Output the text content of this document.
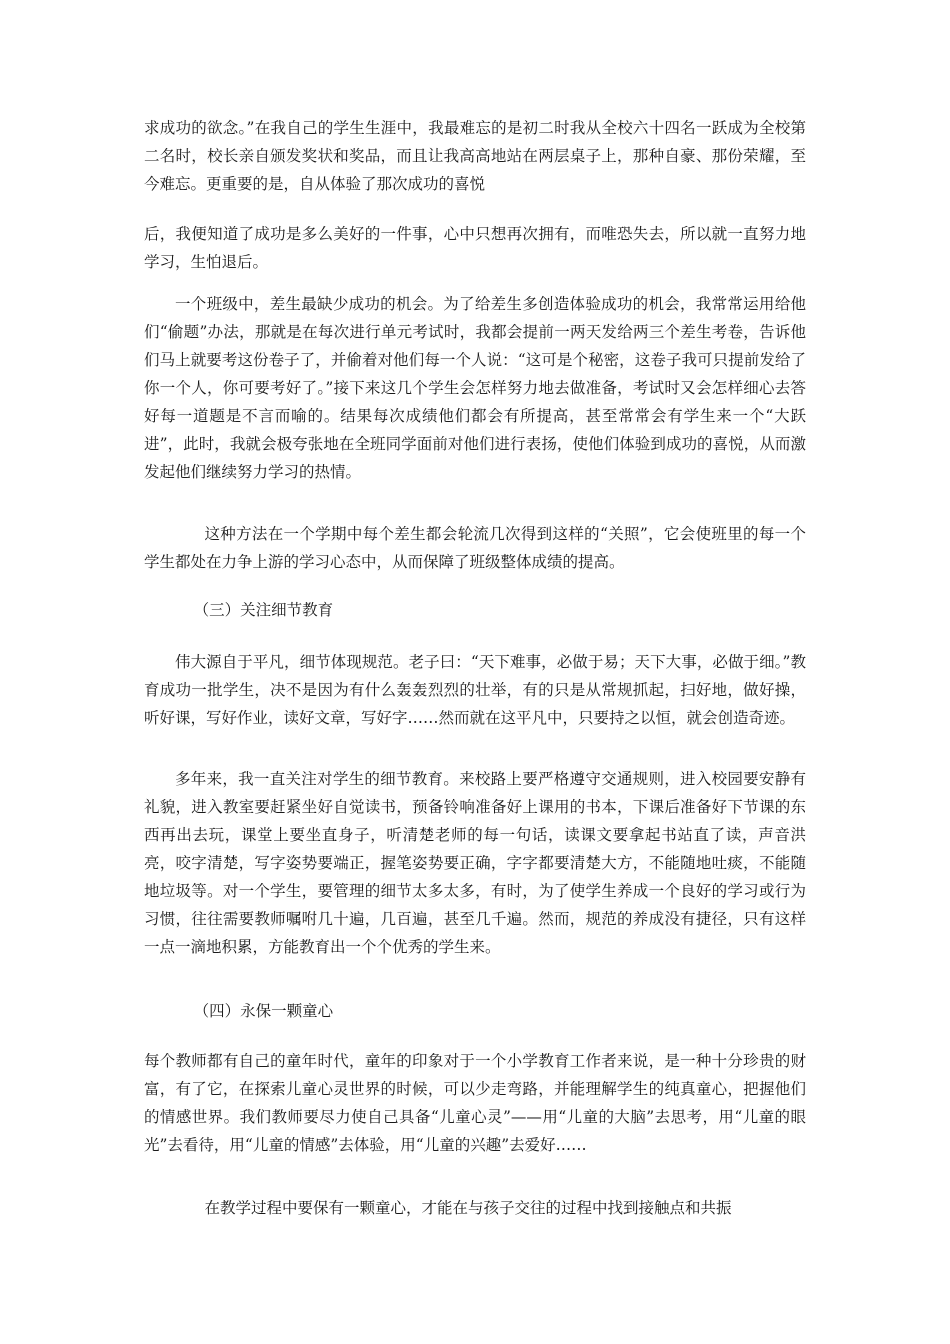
求成功的欲念。”在我自己的学生生涯中，我最难忘的是初二时我从全校六十四名一跃成为全校第二名时，校长亲自颁发奖状和奖品，而且让我高高地站在两层桌子上，那种自豪、那份荣耀，至今难忘。更重要的是，自从体验了那次成功的喜悦

后，我便知道了成功是多么美好的一件事，心中只想再次拥有，而唯恐失去，所以就一直努力地学习，生怕退后。

一个班级中，差生最缺少成功的机会。为了给差生多创造体验成功的机会，我常常运用给他们“偷题”办法，那就是在每次进行单元考试时，我都会提前一两天发给两三个差生考卷，告诉他们马上就要考这份卷子了，并偷着对他们每一个人说：“这可是个秘密，这卷子我可只提前发给了你一个人，你可要考好了。”接下来这几个学生会怎样努力地去做准备，考试时又会怎样细心去答好每一道题是不言而喻的。结果每次成绩他们都会有所提高，甚至常常会有学生来一个“大跃进”，此时，我就会极夸张地在全班同学面前对他们进行表扬，使他们体验到成功的喜悦，从而激发起他们继续努力学习的热情。

这种方法在一个学期中每个差生都会轮流几次得到这样的“关照”，它会使班里的每一个学生都处在力争上游的学习心态中，从而保障了班级整体成绩的提高。

（三）关注细节教育

伟大源自于平凡，细节体现规范。老子曰：“天下难事，必做于易；天下大事，必做于细。”教育成功一批学生，决不是因为有什么轰轰烈烈的壮举，有的只是从常规抓起，扫好地，做好操，听好课，写好作业，读好文章，写好字……然而就在这平凡中，只要持之以恒，就会创造奇迹。

多年来，我一直关注对学生的细节教育。来校路上要严格遵守交通规则，进入校园要安静有礼貌，进入教室要赶紧坐好自觉读书，预备铃响准备好上课用的书本，下课后准备好下节课的东西再出去玩，课堂上要坐直身子，听清楚老师的每一句话，读课文要拿起书站直了读，声音洪亮，咬字清楚，写字姿势要端正，握笔姿势要正确，字字都要清楚大方，不能随地吐痰，不能随地垃圾等。对一个学生，要管理的细节太多太多，有时，为了使学生养成一个良好的学习或行为习惯，往往需要教师嘱咐几十遍，几百遍，甚至几千遍。然而，规范的养成没有捷径，只有这样一点一滴地积累，方能教育出一个个优秀的学生来。

（四）永保一颗童心

每个教师都有自己的童年时代，童年的印象对于一个小学教育工作者来说，是一种十分珍贵的财富，有了它，在探索儿童心灵世界的时候，可以少走弯路，并能理解学生的纯真童心，把握他们的情感世界。我们教师要尽力使自己具备“儿童心灵”——用“儿童的大脑”去思考，用“儿童的眼光”去看待，用“儿童的情感”去体验，用“儿童的兴趣”去爱好……

在教学过程中要保有一颗童心，才能在与孩子交往的过程中找到接触点和共振
